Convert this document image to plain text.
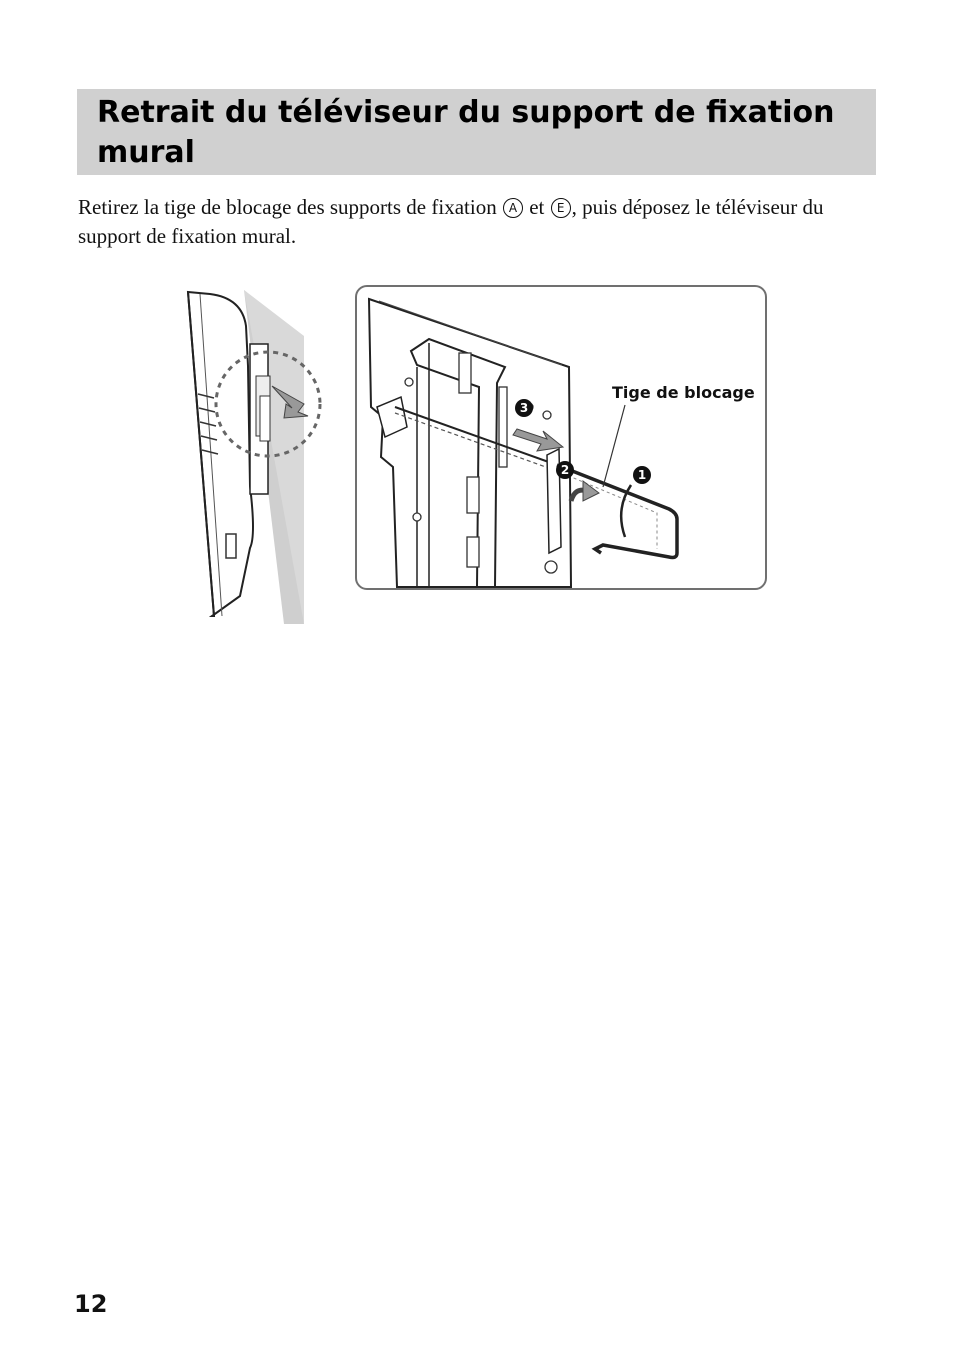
Retrait du téléviseur du support de fixation mural

Retirez la tige de blocage des supports de fixation A et E , puis déposez le téléviseur du support de fixation mural.

Tige de blocage
3
2	1
12
